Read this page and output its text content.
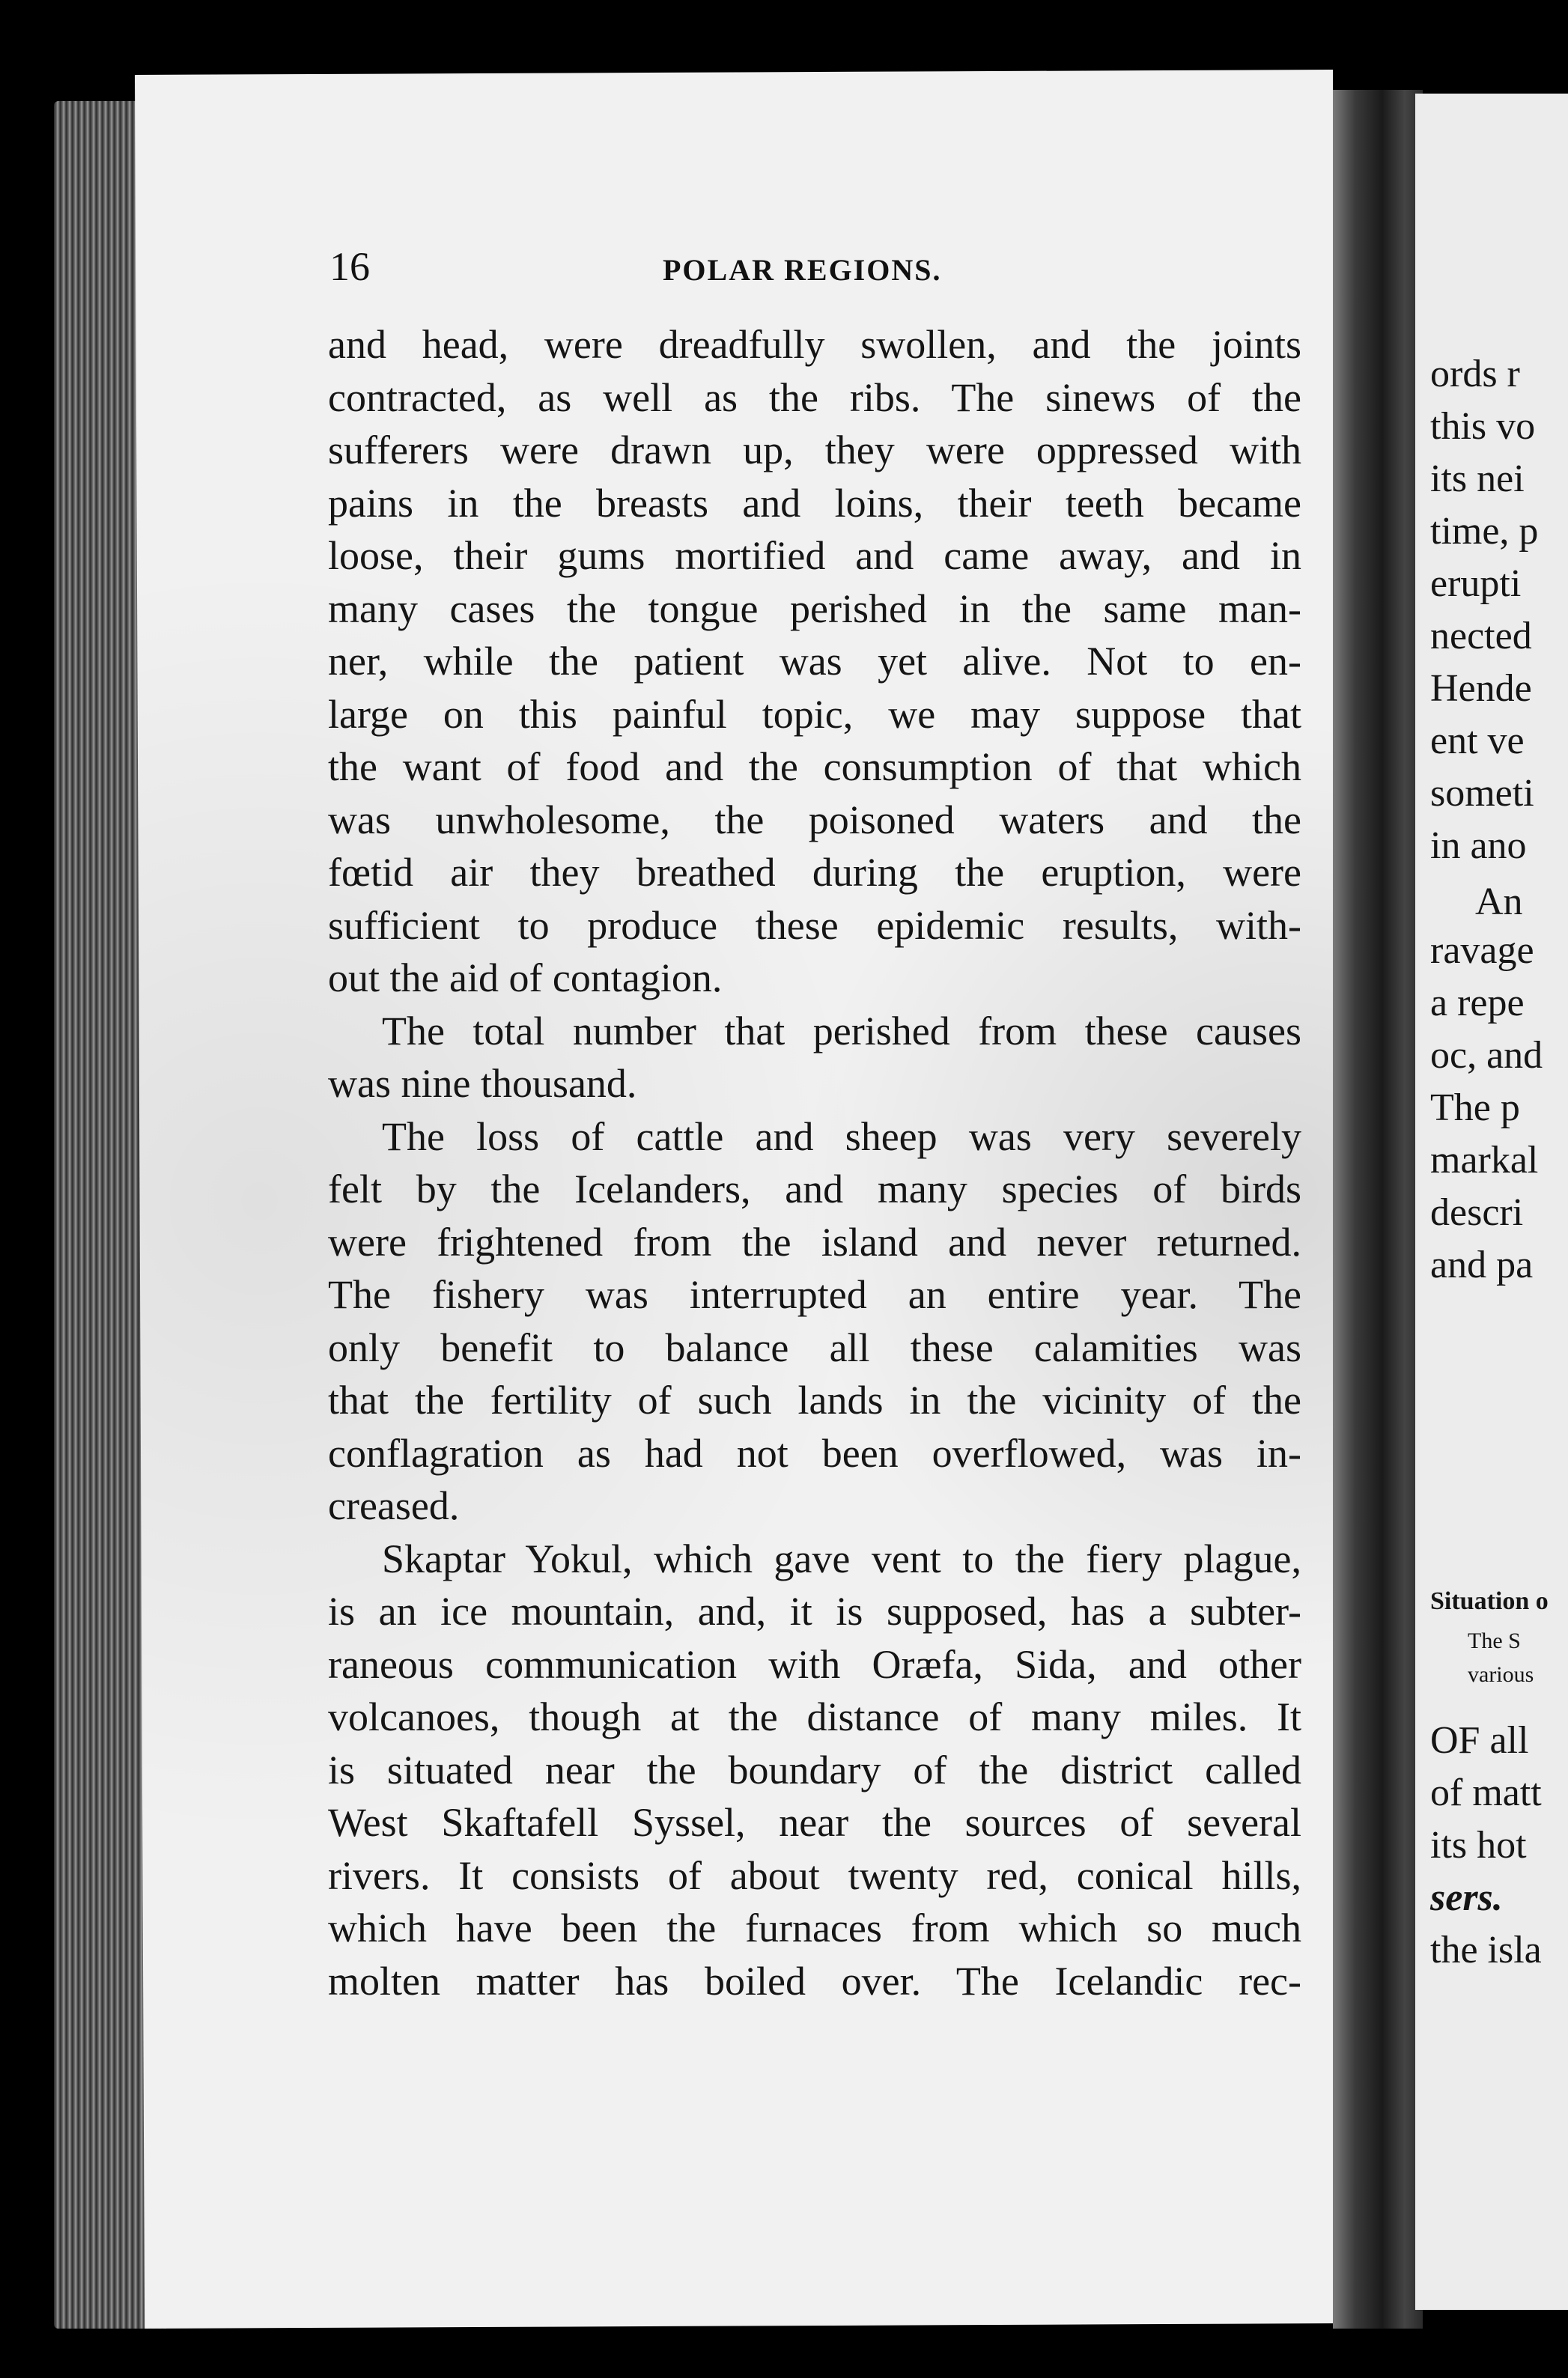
ords r
this vo
its nei
time, p
erupti
nected
Hende
ent ve
someti
in ano
An
ravage
a repe
oc, and
The p
markal
descri
and pa
Situation o
The S
various
OF all
of matt
its hot
sers.
the isla
16	POLAR REGIONS.
and head, were dreadfully swollen, and the joints
contracted, as well as the ribs. The sinews of the
sufferers were drawn up, they were oppressed with
pains in the breasts and loins, their teeth became
loose, their gums mortified and came away, and in
many cases the tongue perished in the same man-
ner, while the patient was yet alive. Not to en-
large on this painful topic, we may suppose that
the want of food and the consumption of that which
was unwholesome, the poisoned waters and the
fœtid air they breathed during the eruption, were
sufficient to produce these epidemic results, with-
out the aid of contagion.
The total number that perished from these causes
was nine thousand.
The loss of cattle and sheep was very severely
felt by the Icelanders, and many species of birds
were frightened from the island and never returned.
The fishery was interrupted an entire year. The
only benefit to balance all these calamities was
that the fertility of such lands in the vicinity of the
conflagration as had not been overflowed, was in-
creased.
Skaptar Yokul, which gave vent to the fiery plague,
is an ice mountain, and, it is supposed, has a subter-
raneous communication with Oræfa, Sida, and other
volcanoes, though at the distance of many miles. It
is situated near the boundary of the district called
West Skaftafell Syssel, near the sources of several
rivers. It consists of about twenty red, conical hills,
which have been the furnaces from which so much
molten matter has boiled over. The Icelandic rec-
